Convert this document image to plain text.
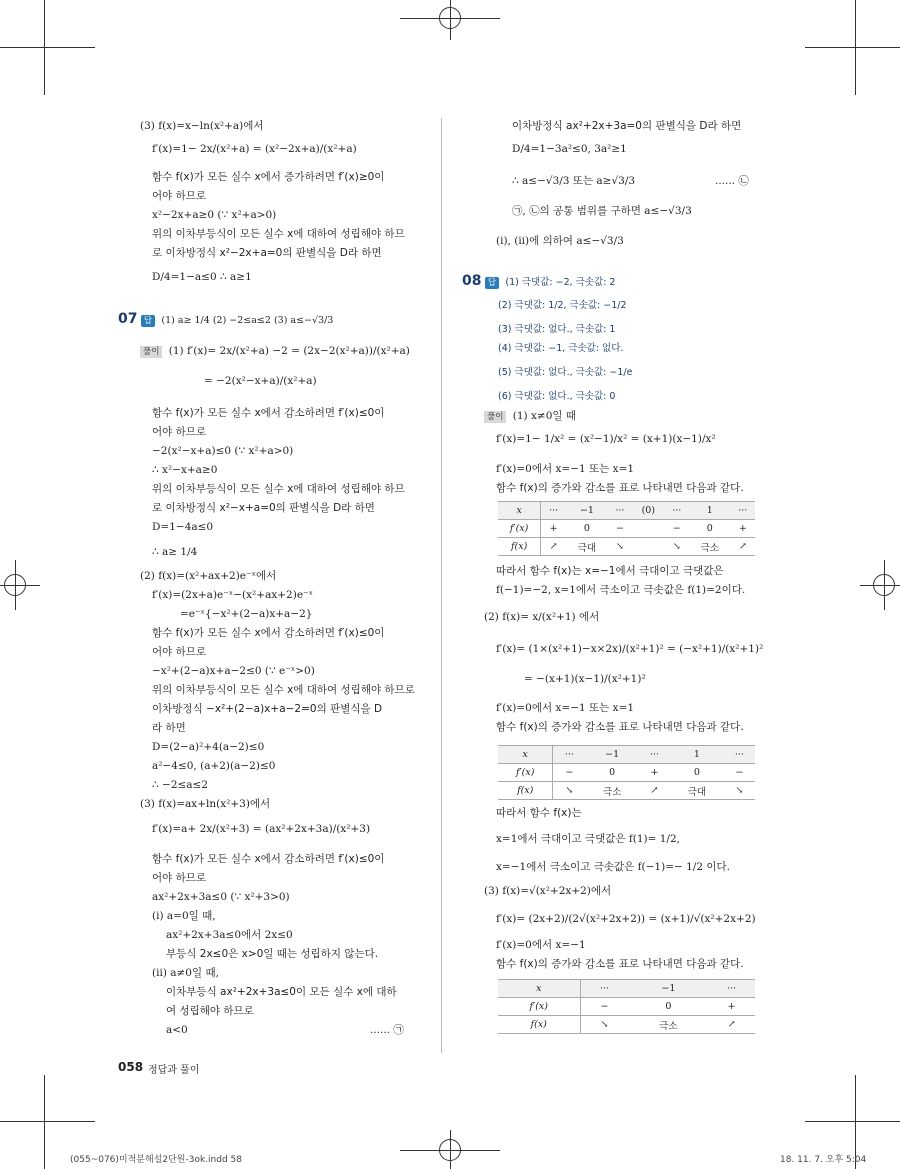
(3) f(x)=x−ln(x²+a)에서
f′(x)=1− 2x/(x²+a) = (x²−2x+a)/(x²+a)
함수 f(x)가 모든 실수 x에서 증가하려면 f′(x)≥0이
어야 하므로
x²−2x+a≥0 (∵ x²+a>0)
위의 이차부등식이 모든 실수 x에 대하여 성립해야 하므
로 이차방정식 x²−2x+a=0의 판별식을 D라 하면
D/4=1−a≤0 ∴ a≥1
07 답 (1) a≥ 1/4 (2) −2≤a≤2 (3) a≤−√3/3
풀이 (1) f′(x)= 2x/(x²+a) −2 = (2x−2(x²+a))/(x²+a)
= −2(x²−x+a)/(x²+a)
함수 f(x)가 모든 실수 x에서 감소하려면 f′(x)≤0이
어야 하므로
−2(x²−x+a)≤0 (∵ x²+a>0)
∴ x²−x+a≥0
위의 이차부등식이 모든 실수 x에 대하여 성립해야 하므
로 이차방정식 x²−x+a=0의 판별식을 D라 하면
D=1−4a≤0
∴ a≥ 1/4
(2) f(x)=(x²+ax+2)e⁻ˣ에서
f′(x)=(2x+a)e⁻ˣ−(x²+ax+2)e⁻ˣ
=e⁻ˣ{−x²+(2−a)x+a−2}
함수 f(x)가 모든 실수 x에서 감소하려면 f′(x)≤0이
어야 하므로
−x²+(2−a)x+a−2≤0 (∵ e⁻ˣ>0)
위의 이차부등식이 모든 실수 x에 대하여 성립해야 하므로
이차방정식 −x²+(2−a)x+a−2=0의 판별식을 D
라 하면
D=(2−a)²+4(a−2)≤0
a²−4≤0, (a+2)(a−2)≤0
∴ −2≤a≤2
(3) f(x)=ax+ln(x²+3)에서
f′(x)=a+ 2x/(x²+3) = (ax²+2x+3a)/(x²+3)
함수 f(x)가 모든 실수 x에서 감소하려면 f′(x)≤0이
어야 하므로
ax²+2x+3a≤0 (∵ x²+3>0)
(i) a=0일 때,
ax²+2x+3a≤0에서 2x≤0
부등식 2x≤0은 x>0일 때는 성립하지 않는다.
(ii) a≠0일 때,
이차부등식 ax²+2x+3a≤0이 모든 실수 x에 대하
여 성립해야 하므로
a<0	...... ㉠
이차방정식 ax²+2x+3a=0의 판별식을 D라 하면
D/4=1−3a²≤0, 3a²≥1
∴ a≤−√3/3 또는 a≥√3/3	...... ㉡
㉠, ㉡의 공통 범위를 구하면 a≤−√3/3
(i), (ii)에 의하여 a≤−√3/3
08 답 (1) 극댓값: −2, 극솟값: 2
(2) 극댓값: 1/2, 극솟값: −1/2
(3) 극댓값: 없다., 극솟값: 1
(4) 극댓값: −1, 극솟값: 없다.
(5) 극댓값: 없다., 극솟값: −1/e
(6) 극댓값: 없다., 극솟값: 0
풀이 (1) x≠0일 때
f′(x)=1− 1/x² = (x²−1)/x² = (x+1)(x−1)/x²
f′(x)=0에서 x=−1 또는 x=1
함수 f(x)의 증가와 감소를 표로 나타내면 다음과 같다.
x	···	−1	···	(0)	···	1	···
f′(x)	+	0	−		−	0	+
f(x)	↗	극대	↘		↘	극소	↗
따라서 함수 f(x)는 x=−1에서 극대이고 극댓값은
f(−1)=−2, x=1에서 극소이고 극솟값은 f(1)=2이다.
(2) f(x)= x/(x²+1) 에서
f′(x)= (1×(x²+1)−x×2x)/(x²+1)² = (−x²+1)/(x²+1)²
= −(x+1)(x−1)/(x²+1)²
f′(x)=0에서 x=−1 또는 x=1
함수 f(x)의 증가와 감소를 표로 나타내면 다음과 같다.
x	···	−1	···	1	···
f′(x)	−	0	+	0	−
f(x)	↘	극소	↗	극대	↘
따라서 함수 f(x)는
x=1에서 극대이고 극댓값은 f(1)= 1/2,
x=−1에서 극소이고 극솟값은 f(−1)=− 1/2 이다.
(3) f(x)=√(x²+2x+2)에서
f′(x)= (2x+2)/(2√(x²+2x+2)) = (x+1)/√(x²+2x+2)
f′(x)=0에서 x=−1
함수 f(x)의 증가와 감소를 표로 나타내면 다음과 같다.
x	···	−1	···
f′(x)	−	0	+
f(x)	↘	극소	↗
058 정답과 풀이
(055~076)미적분해설2단원-3ok.indd 58	18. 11. 7. 오후 5:04
